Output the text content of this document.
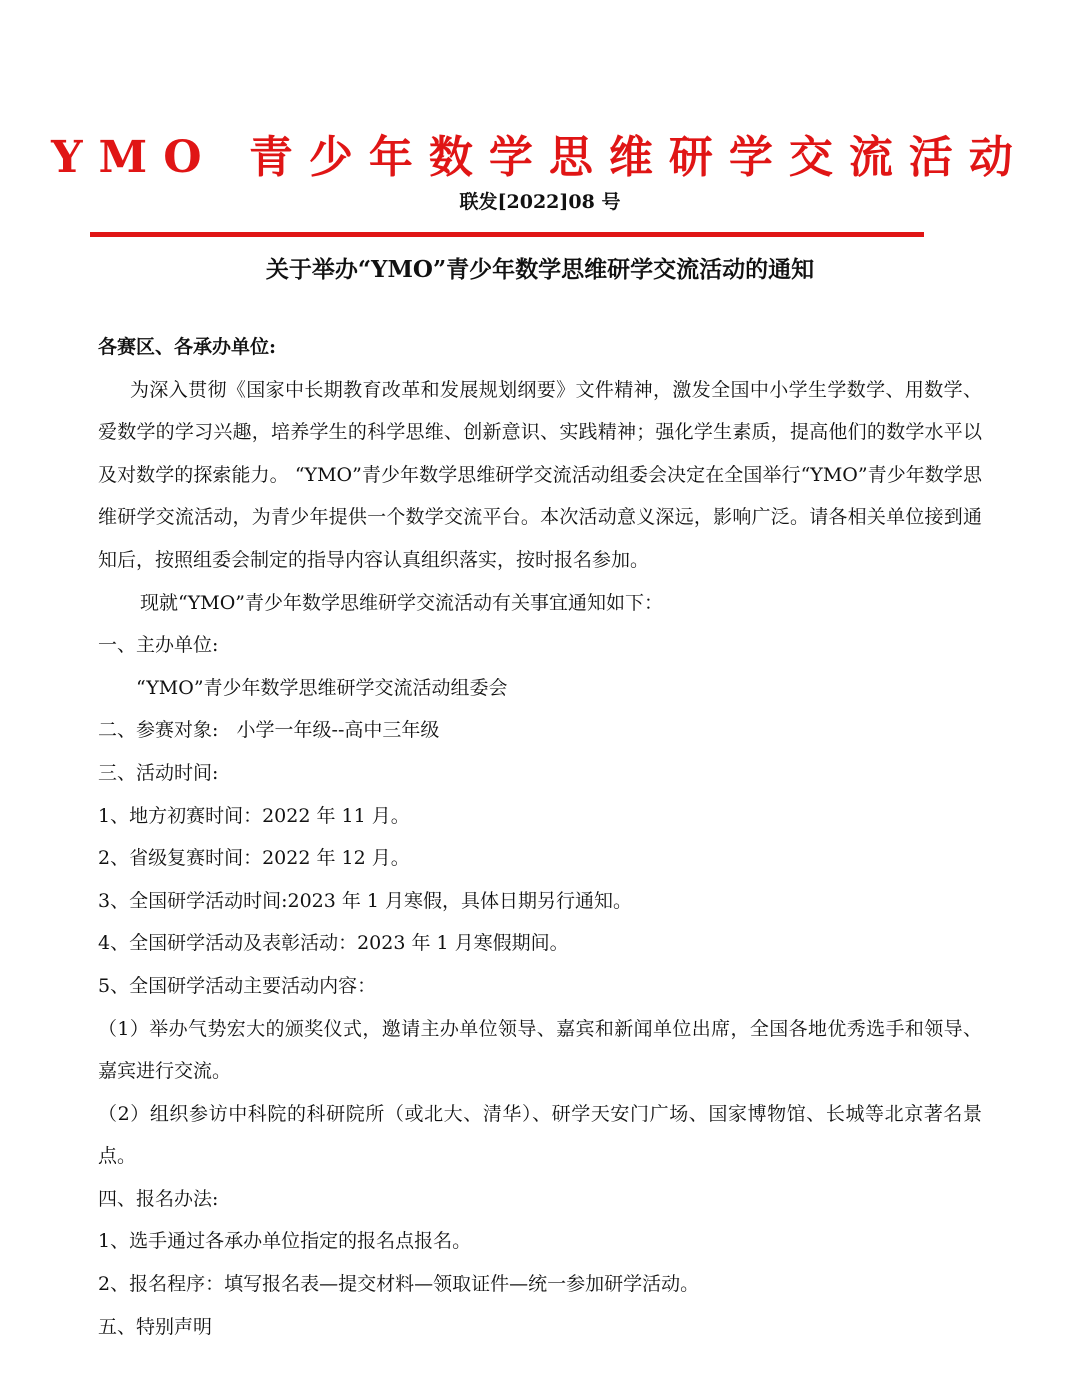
YMO 青少年数学思维研学交流活动
联发[2022]08 号
关于举办“YMO”青少年数学思维研学交流活动的通知

各赛区、各承办单位:

为深入贯彻《国家中长期教育改革和发展规划纲要》文件精神，激发全国中小学生学数学、用数学、爱数学的学习兴趣，培养学生的科学思维、创新意识、实践精神；强化学生素质，提高他们的数学水平以及对数学的探索能力。 “YMO”青少年数学思维研学交流活动组委会决定在全国举行“YMO”青少年数学思维研学交流活动，为青少年提供一个数学交流平台。本次活动意义深远，影响广泛。请各相关单位接到通知后，按照组委会制定的指导内容认真组织落实，按时报名参加。

现就“YMO”青少年数学思维研学交流活动有关事宜通知如下：

一、主办单位:

“YMO”青少年数学思维研学交流活动组委会

二、参赛对象:   小学一年级--高中三年级

三、活动时间:

1、地方初赛时间：2022 年 11 月。

2、省级复赛时间：2022 年 12 月。

3、全国研学活动时间:2023 年 1 月寒假，具体日期另行通知。

4、全国研学活动及表彰活动：2023 年 1 月寒假期间。

5、全国研学活动主要活动内容：

（1）举办气势宏大的颁奖仪式，邀请主办单位领导、嘉宾和新闻单位出席，全国各地优秀选手和领导、嘉宾进行交流。

（2）组织参访中科院的科研院所（或北大、清华）、研学天安门广场、国家博物馆、长城等北京著名景点。

四、报名办法:

1、选手通过各承办单位指定的报名点报名。

2、报名程序：填写报名表—提交材料—领取证件—统一参加研学活动。

五、特别声明
